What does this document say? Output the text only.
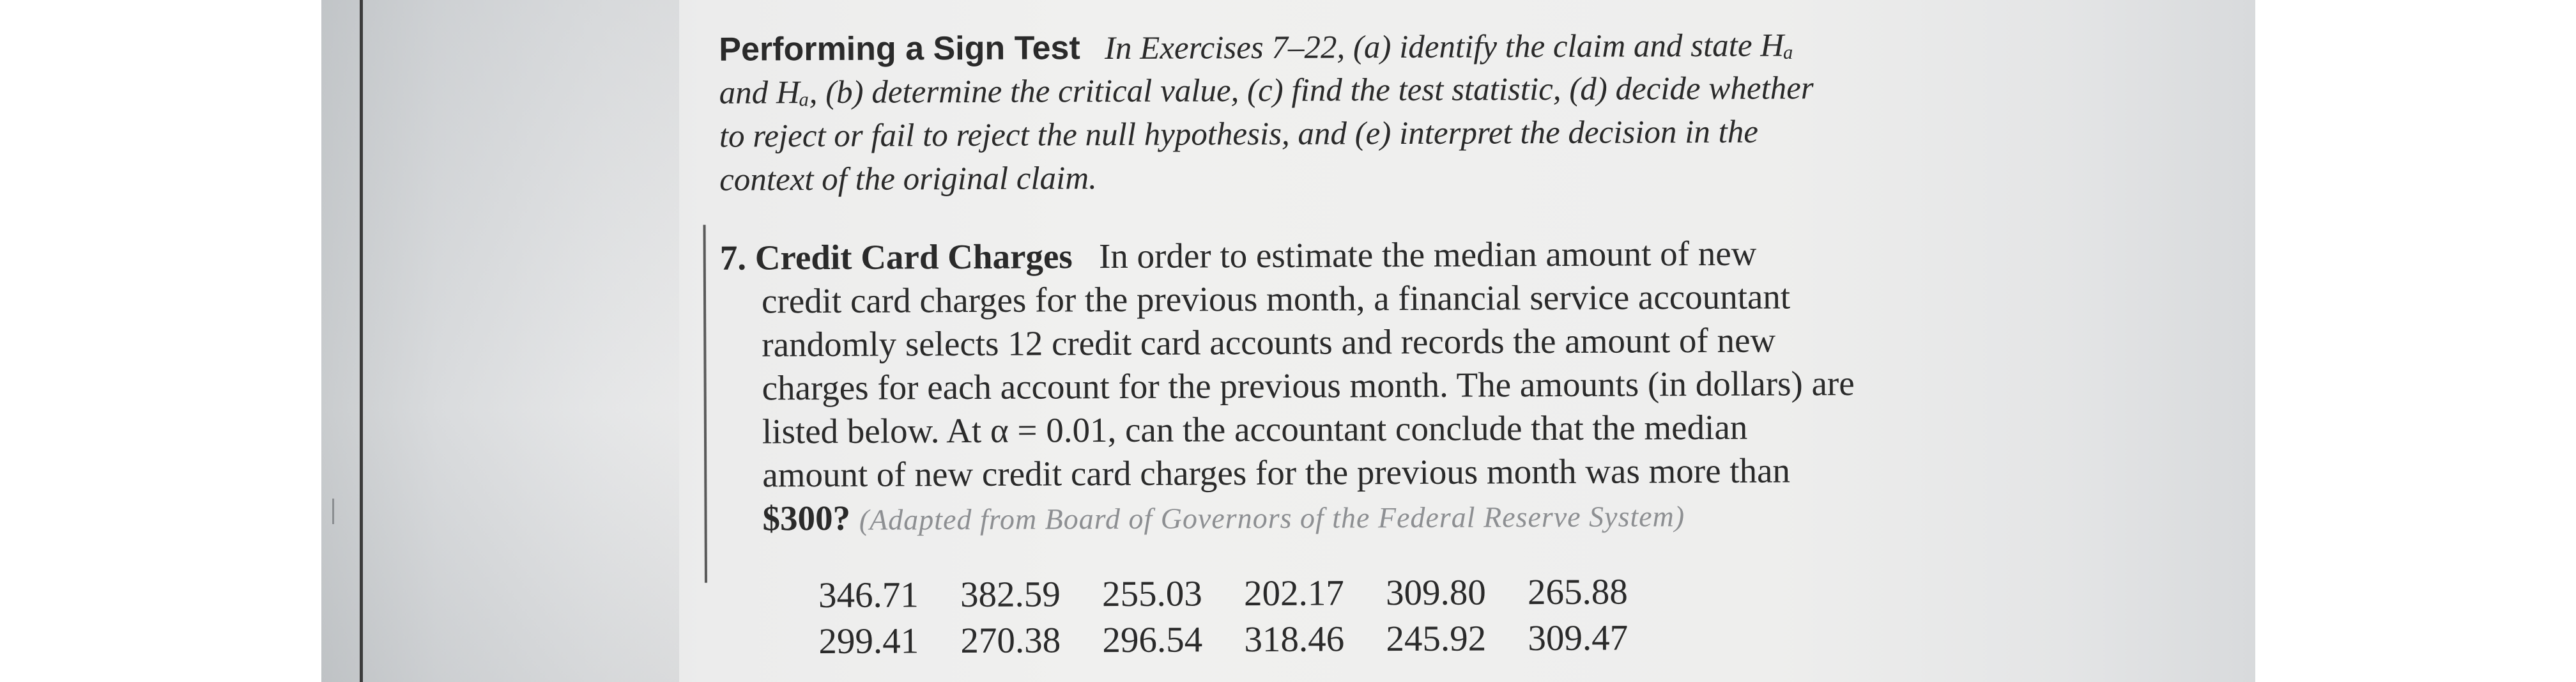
Performing a Sign Test In Exercises 7–22, (a) identify the claim and state Hₐ
and Hₐ, (b) determine the critical value, (c) find the test statistic, (d) decide whether
to reject or fail to reject the null hypothesis, and (e) interpret the decision in the
context of the original claim.
7. Credit Card Charges In order to estimate the median amount of new
credit card charges for the previous month, a financial service accountant
randomly selects 12 credit card accounts and records the amount of new
charges for each account for the previous month. The amounts (in dollars) are
listed below. At α = 0.01, can the accountant conclude that the median
amount of new credit card charges for the previous month was more than
$300? (Adapted from Board of Governors of the Federal Reserve System)
346.71 382.59 255.03 202.17 309.80 265.88
299.41 270.38 296.54 318.46 245.92 309.47
